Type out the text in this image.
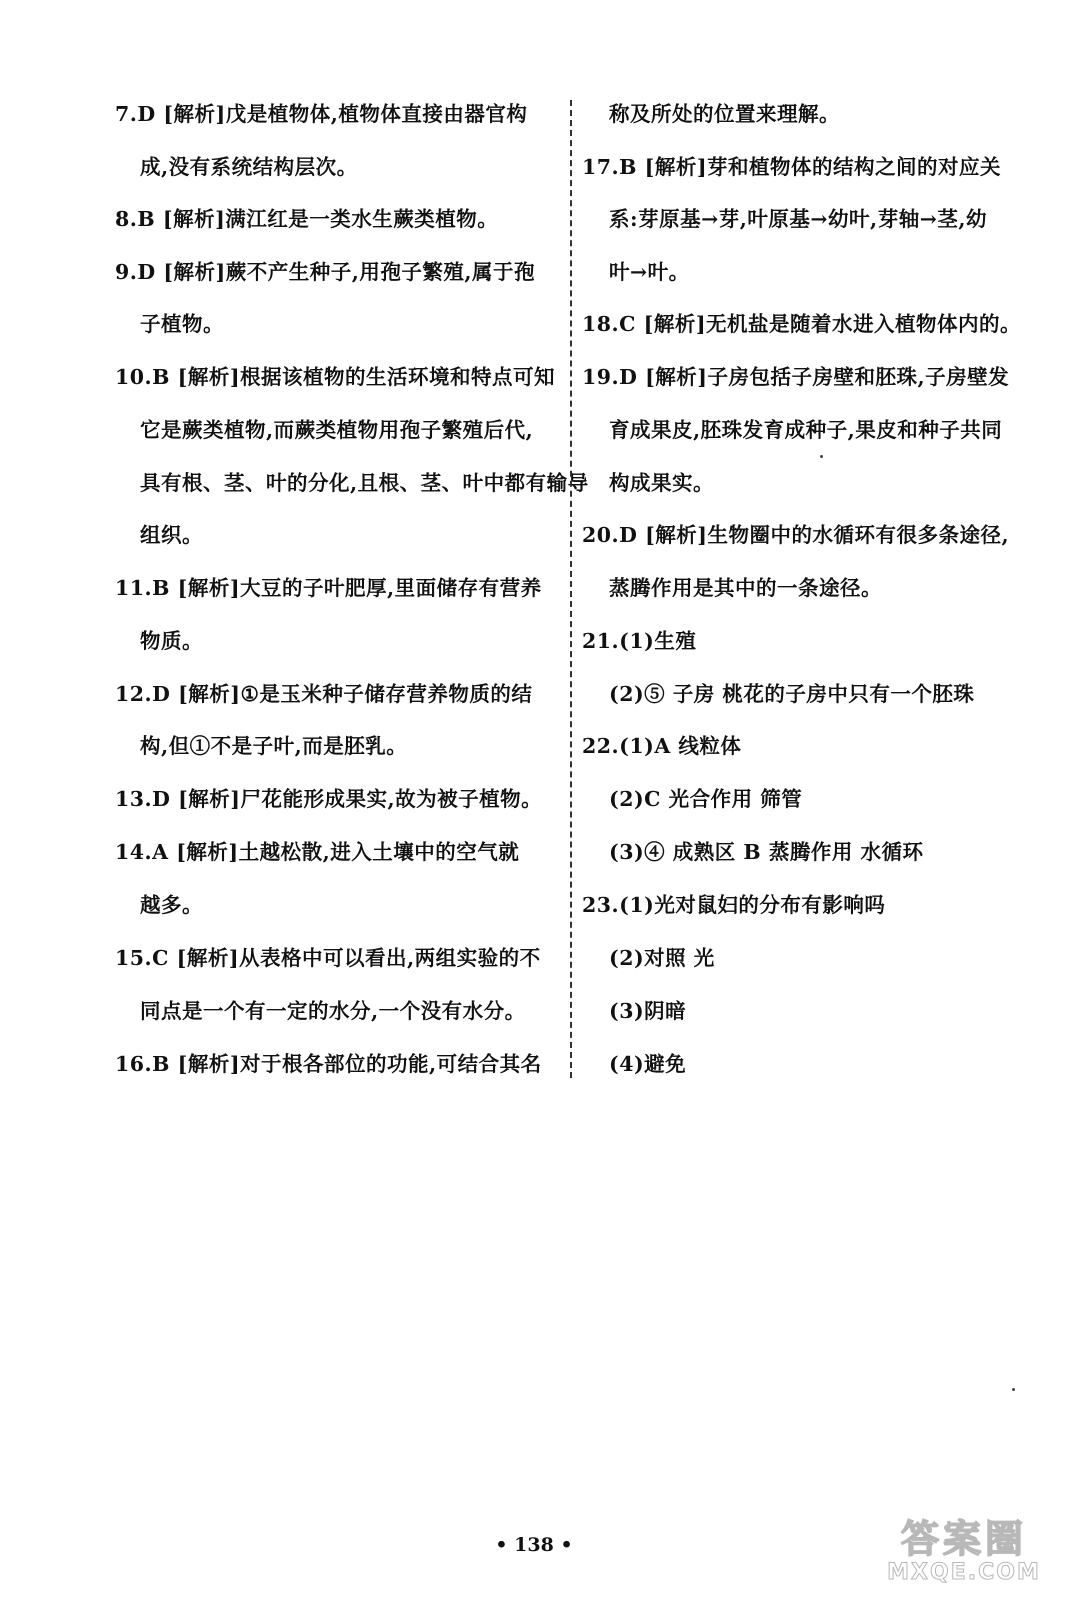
7.D [解析]戊是植物体,植物体直接由器官构
成,没有系统结构层次。
8.B [解析]满江红是一类水生蕨类植物。
9.D [解析]蕨不产生种子,用孢子繁殖,属于孢
子植物。
10.B [解析]根据该植物的生活环境和特点可知
它是蕨类植物,而蕨类植物用孢子繁殖后代,
具有根、茎、叶的分化,且根、茎、叶中都有输导
组织。
11.B [解析]大豆的子叶肥厚,里面储存有营养
物质。
12.D [解析]①是玉米种子储存营养物质的结
构,但①不是子叶,而是胚乳。
13.D [解析]尸花能形成果实,故为被子植物。
14.A [解析]土越松散,进入土壤中的空气就
越多。
15.C [解析]从表格中可以看出,两组实验的不
同点是一个有一定的水分,一个没有水分。
16.B [解析]对于根各部位的功能,可结合其名
称及所处的位置来理解。
17.B [解析]芽和植物体的结构之间的对应关
系:芽原基→芽,叶原基→幼叶,芽轴→茎,幼
叶→叶。
18.C [解析]无机盐是随着水进入植物体内的。
19.D [解析]子房包括子房壁和胚珠,子房壁发
育成果皮,胚珠发育成种子,果皮和种子共同
构成果实。
20.D [解析]生物圈中的水循环有很多条途径,
蒸腾作用是其中的一条途径。
21.(1)生殖
(2)⑤ 子房 桃花的子房中只有一个胚珠
22.(1)A 线粒体
(2)C 光合作用 筛管
(3)④ 成熟区 B 蒸腾作用 水循环
23.(1)光对鼠妇的分布有影响吗
(2)对照 光
(3)阴暗
(4)避免
• 138 •	答案圈
MXQE.COM
